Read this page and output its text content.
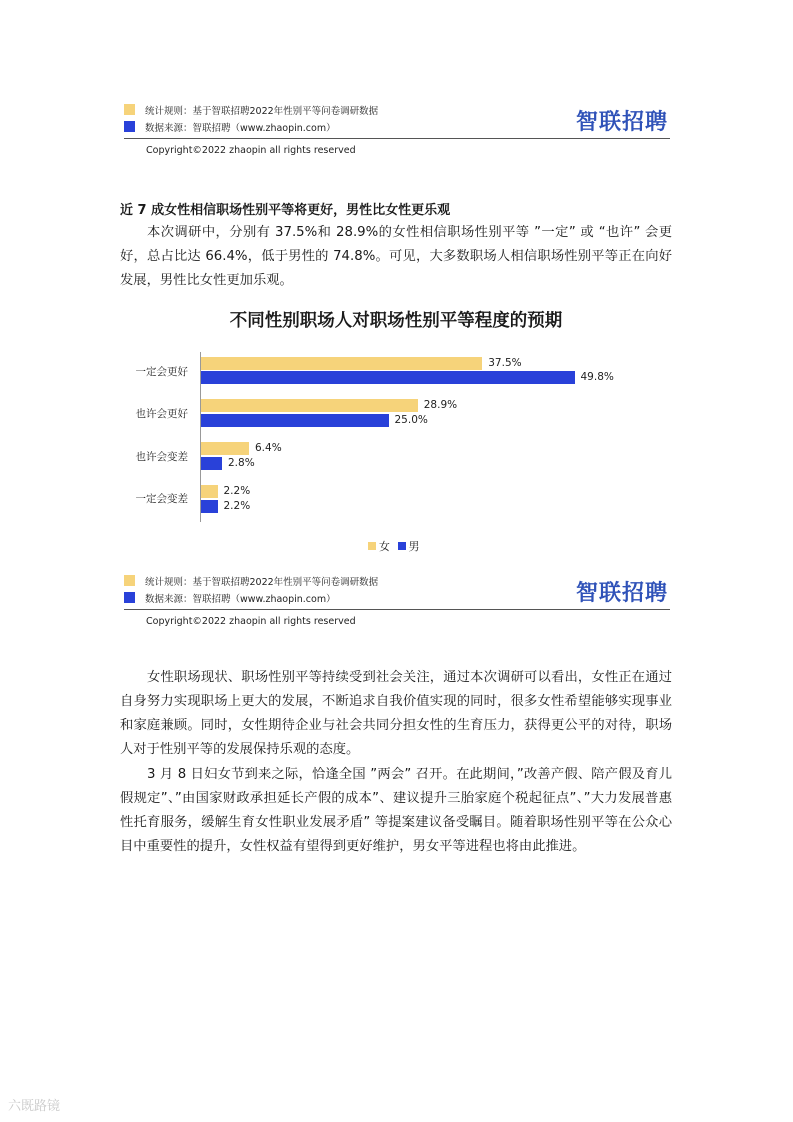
统计规则：基于智联招聘2022年性别平等问卷调研数据
数据来源：智联招聘（www.zhaopin.com）	智联招聘
Copyright©2022 zhaopin all rights reserved
近 7 成女性相信职场性别平等将更好，男性比女性更乐观

本次调研中，分别有 37.5%和 28.9%的女性相信职场性别平等 ”一定” 或 “也许” 会更好，总占比达 66.4%，低于男性的 74.8%。可见，大多数职场人相信职场性别平等正在向好发展，男性比女性更加乐观。

不同性别职场人对职场性别平等程度的预期
一定会更好
也许会更好
也许会变差
一定会变差
37.5%
49.8%
28.9%
25.0%
6.4%
2.8%
2.2%
2.2%
女 男
统计规则：基于智联招聘2022年性别平等问卷调研数据
数据来源：智联招聘（www.zhaopin.com）	智联招聘
Copyright©2022 zhaopin all rights reserved

女性职场现状、职场性别平等持续受到社会关注，通过本次调研可以看出，女性正在通过自身努力实现职场上更大的发展，不断追求自我价值实现的同时，很多女性希望能够实现事业和家庭兼顾。同时，女性期待企业与社会共同分担女性的生育压力，获得更公平的对待，职场人对于性别平等的发展保持乐观的态度。

3 月 8 日妇女节到来之际，恰逢全国 ”两会” 召开。在此期间，”改善产假、陪产假及育儿假规定”、”由国家财政承担延长产假的成本”、建议提升三胎家庭个税起征点”、”大力发展普惠性托育服务，缓解生育女性职业发展矛盾” 等提案建议备受瞩目。随着职场性别平等在公众心目中重要性的提升，女性权益有望得到更好维护，男女平等进程也将由此推进。

六既路镜
